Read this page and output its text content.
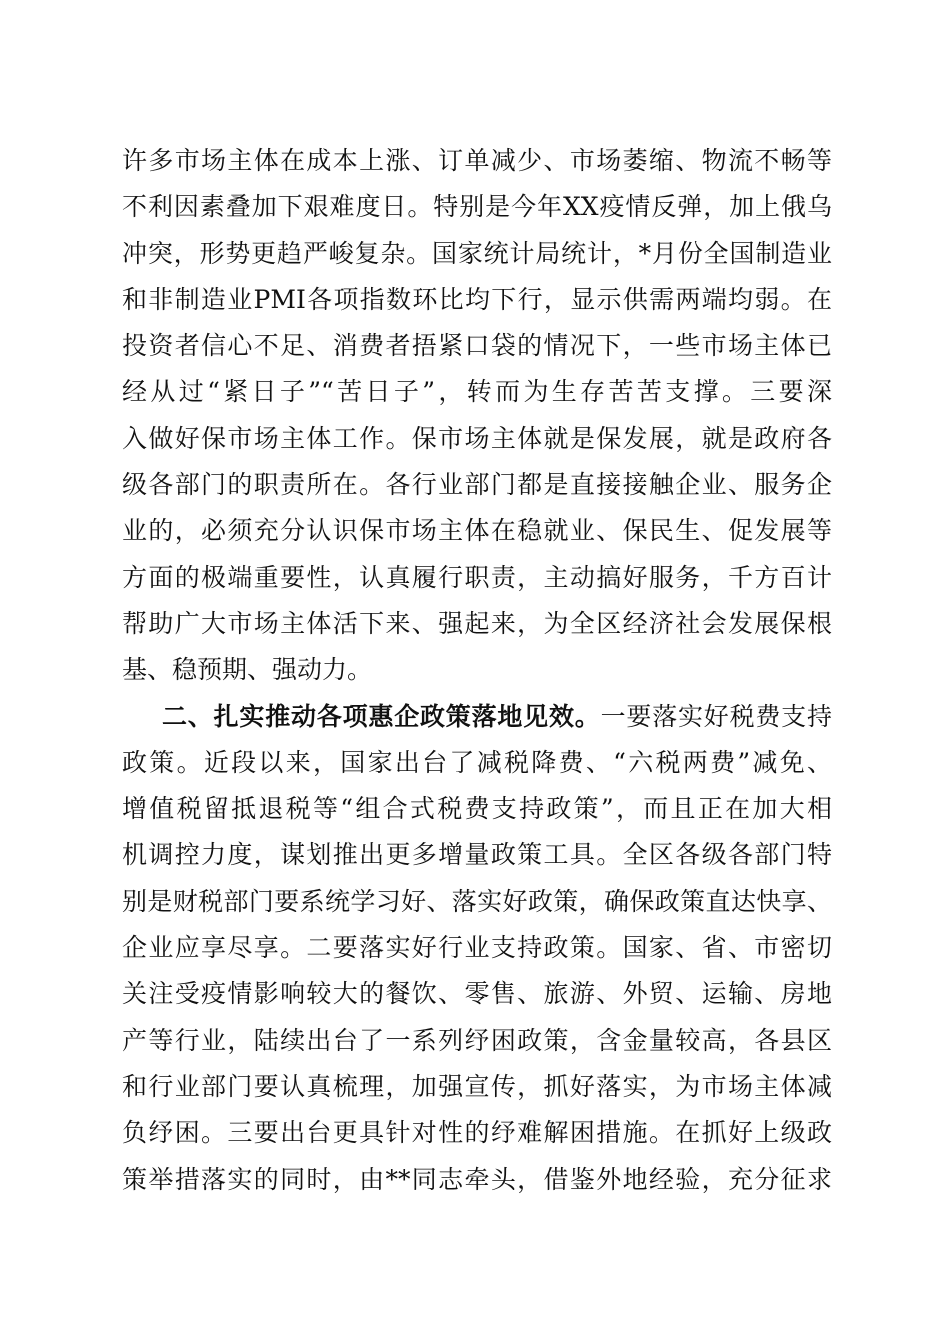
许多市场主体在成本上涨、订单减少、市场萎缩、物流不畅等
不利因素叠加下艰难度日。特别是今年XX疫情反弹，加上俄乌
冲突，形势更趋严峻复杂。国家统计局统计，*月份全国制造业
和非制造业PMI各项指数环比均下行，显示供需两端均弱。在
投资者信心不足、消费者捂紧口袋的情况下，一些市场主体已
经从过“紧日子”“苦日子”，转而为生存苦苦支撑。三要深
入做好保市场主体工作。保市场主体就是保发展，就是政府各
级各部门的职责所在。各行业部门都是直接接触企业、服务企
业的，必须充分认识保市场主体在稳就业、保民生、促发展等
方面的极端重要性，认真履行职责，主动搞好服务，千方百计
帮助广大市场主体活下来、强起来，为全区经济社会发展保根
基、稳预期、强动力。
二、扎实推动各项惠企政策落地见效。一要落实好税费支持
政策。近段以来，国家出台了减税降费、“六税两费”减免、
增值税留抵退税等“组合式税费支持政策”，而且正在加大相
机调控力度，谋划推出更多增量政策工具。全区各级各部门特
别是财税部门要系统学习好、落实好政策，确保政策直达快享、
企业应享尽享。二要落实好行业支持政策。国家、省、市密切
关注受疫情影响较大的餐饮、零售、旅游、外贸、运输、房地
产等行业，陆续出台了一系列纾困政策，含金量较高，各县区
和行业部门要认真梳理，加强宣传，抓好落实，为市场主体减
负纾困。三要出台更具针对性的纾难解困措施。在抓好上级政
策举措落实的同时，由**同志牵头，借鉴外地经验，充分征求
